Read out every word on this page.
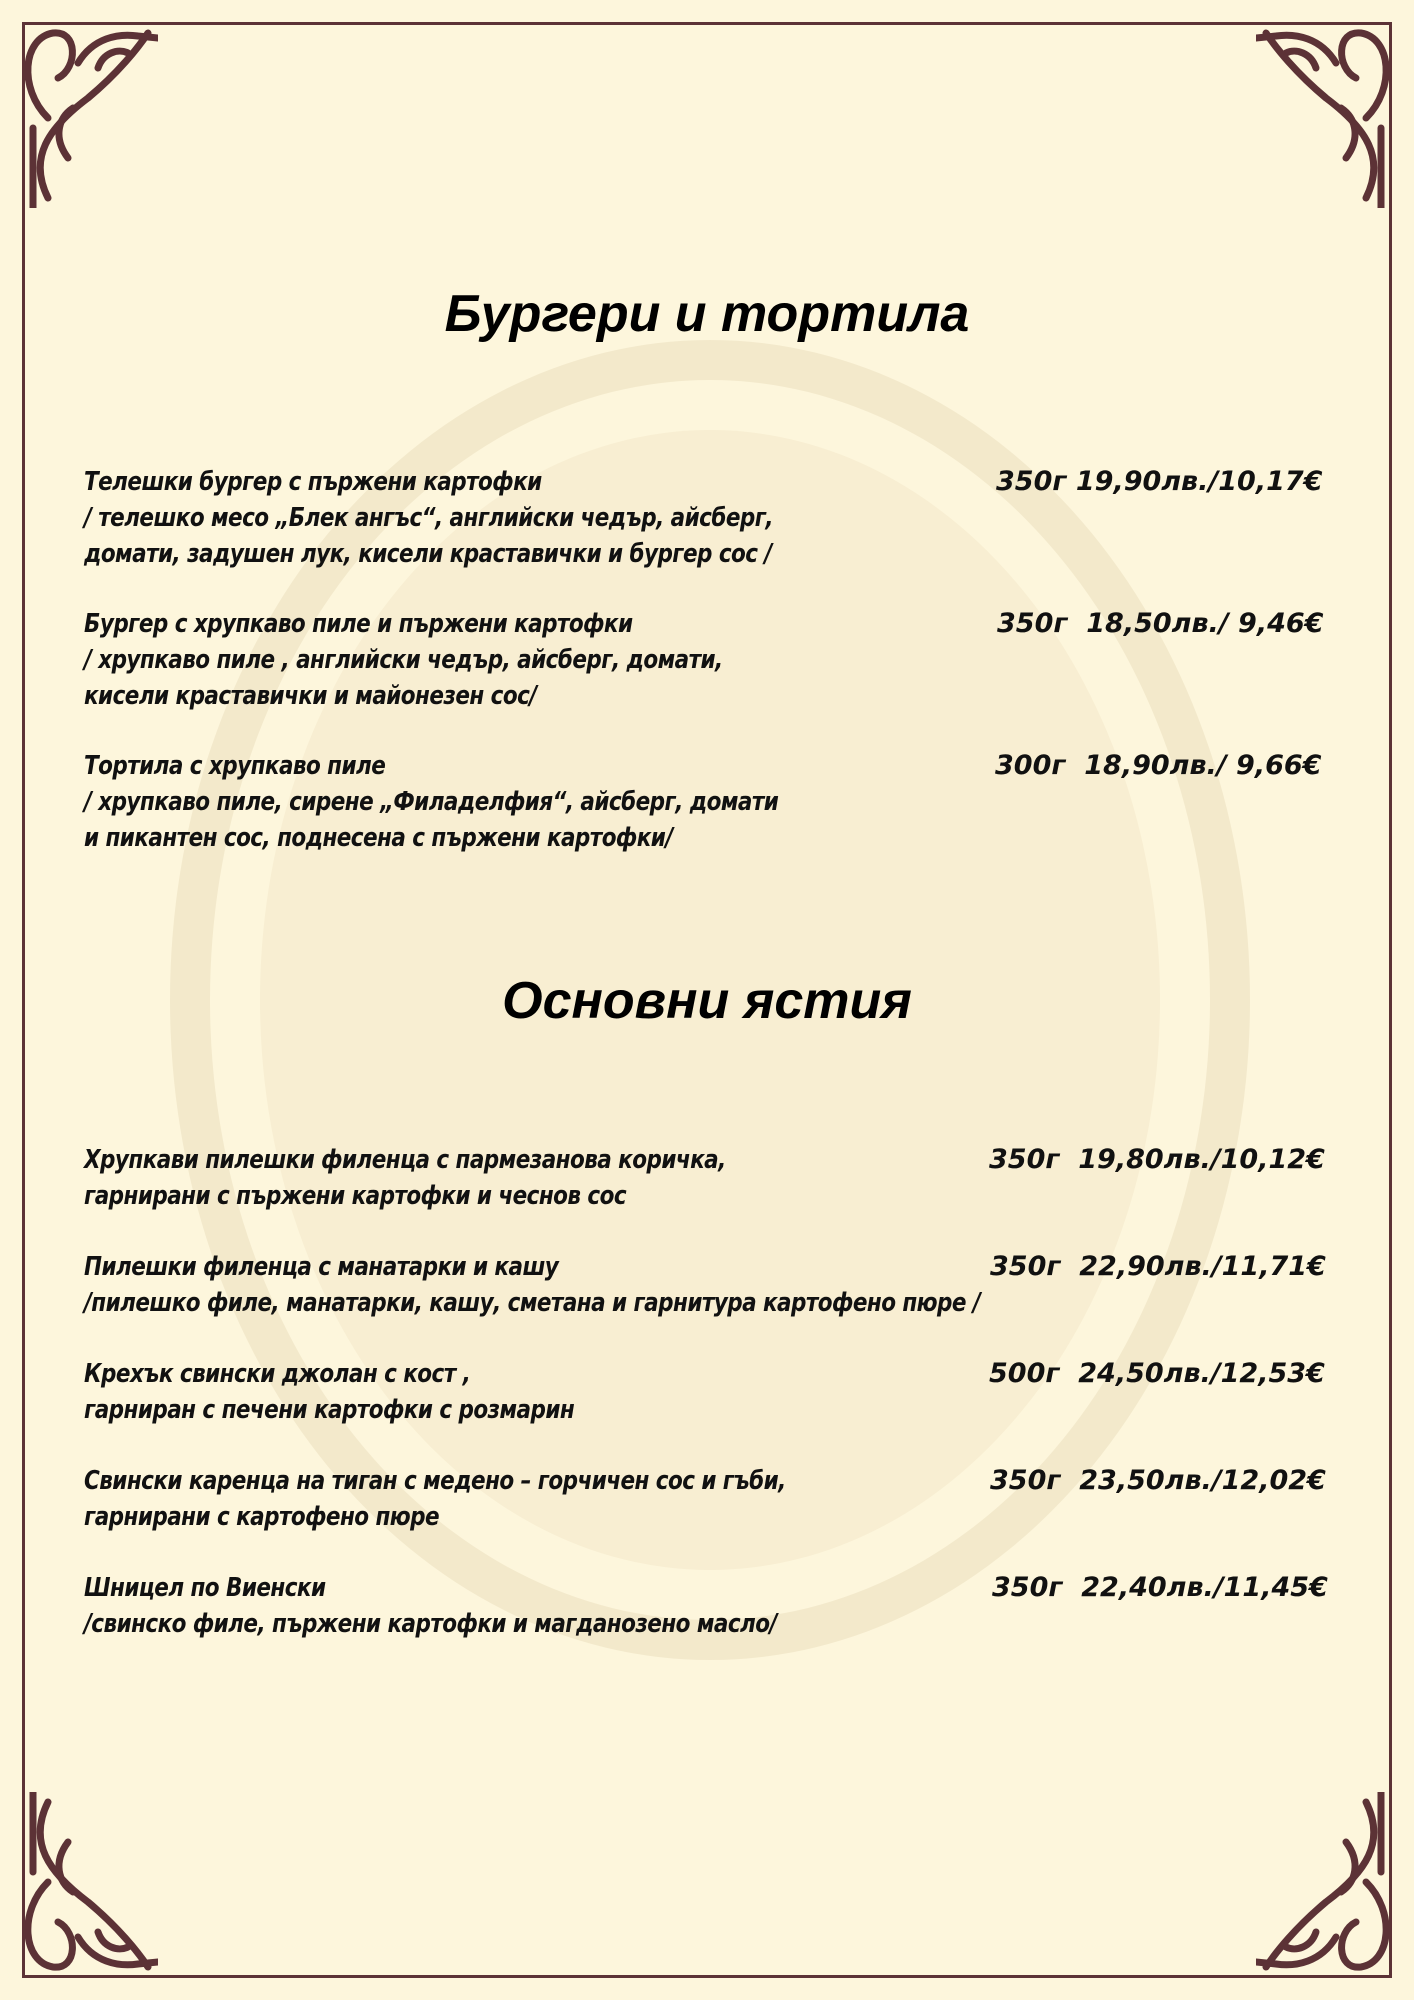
Бургери и тортила
Телешки бургер с пържени картофки
/ телешко месо „Блек ангъс“, английски чедър, айсберг,
домати, задушен лук, кисели краставички и бургер сос /
350г 19,90лв./10,17€
Бургер с хрупкаво пиле и пържени картофки
/ хрупкаво пиле , английски чедър, айсберг, домати,
кисели краставички и майонезен сос/
350г  18,50лв./ 9,46€
Тортила с хрупкаво пиле
/ хрупкаво пиле, сирене „Филаделфия“, айсберг, домати
и пикантен сос, поднесена с пържени картофки/
300г  18,90лв./ 9,66€
Основни ястия
Хрупкави пилешки филенца с пармезанова коричка,
гарнирани с пържени картофки и чеснов сос
350г  19,80лв./10,12€
Пилешки филенца с манатарки и кашу
/пилешко филе, манатарки, кашу, сметана и гарнитура картофено пюре /
350г  22,90лв./11,71€
Крехък свински джолан с кост ,
гарниран с печени картофки с розмарин
500г  24,50лв./12,53€
Свински каренца на тиган с медено – горчичен сос и гъби,
гарнирани с картофено пюре
350г  23,50лв./12,02€
Шницел по Виенски
/свинско филе, пържени картофки и магданозено масло/
350г  22,40лв./11,45€
